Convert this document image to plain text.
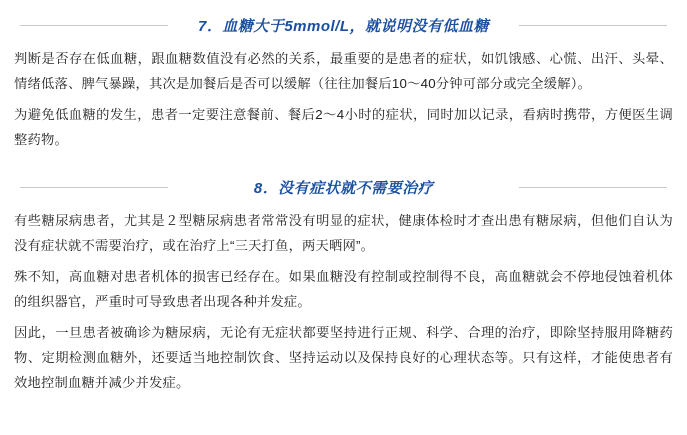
7．血糖大于5mmol/L，就说明没有低血糖

判断是否存在低血糖，跟血糖数值没有必然的关系，最重要的是患者的症状，如饥饿感、心慌、出汗、头晕、情绪低落、脾气暴躁，其次是加餐后是否可以缓解（往往加餐后10～40分钟可部分或完全缓解）。

为避免低血糖的发生，患者一定要注意餐前、餐后2～4小时的症状，同时加以记录，看病时携带，方便医生调整药物。

8．没有症状就不需要治疗

有些糖尿病患者，尤其是２型糖尿病患者常常没有明显的症状，健康体检时才查出患有糖尿病，但他们自认为没有症状就不需要治疗，或在治疗上“三天打鱼，两天晒网”。

殊不知，高血糖对患者机体的损害已经存在。如果血糖没有控制或控制得不良，高血糖就会不停地侵蚀着机体的组织器官，严重时可导致患者出现各种并发症。

因此，一旦患者被确诊为糖尿病，无论有无症状都要坚持进行正规、科学、合理的治疗，即除坚持服用降糖药物、定期检测血糖外，还要适当地控制饮食、坚持运动以及保持良好的心理状态等。只有这样，才能使患者有效地控制血糖并减少并发症。
